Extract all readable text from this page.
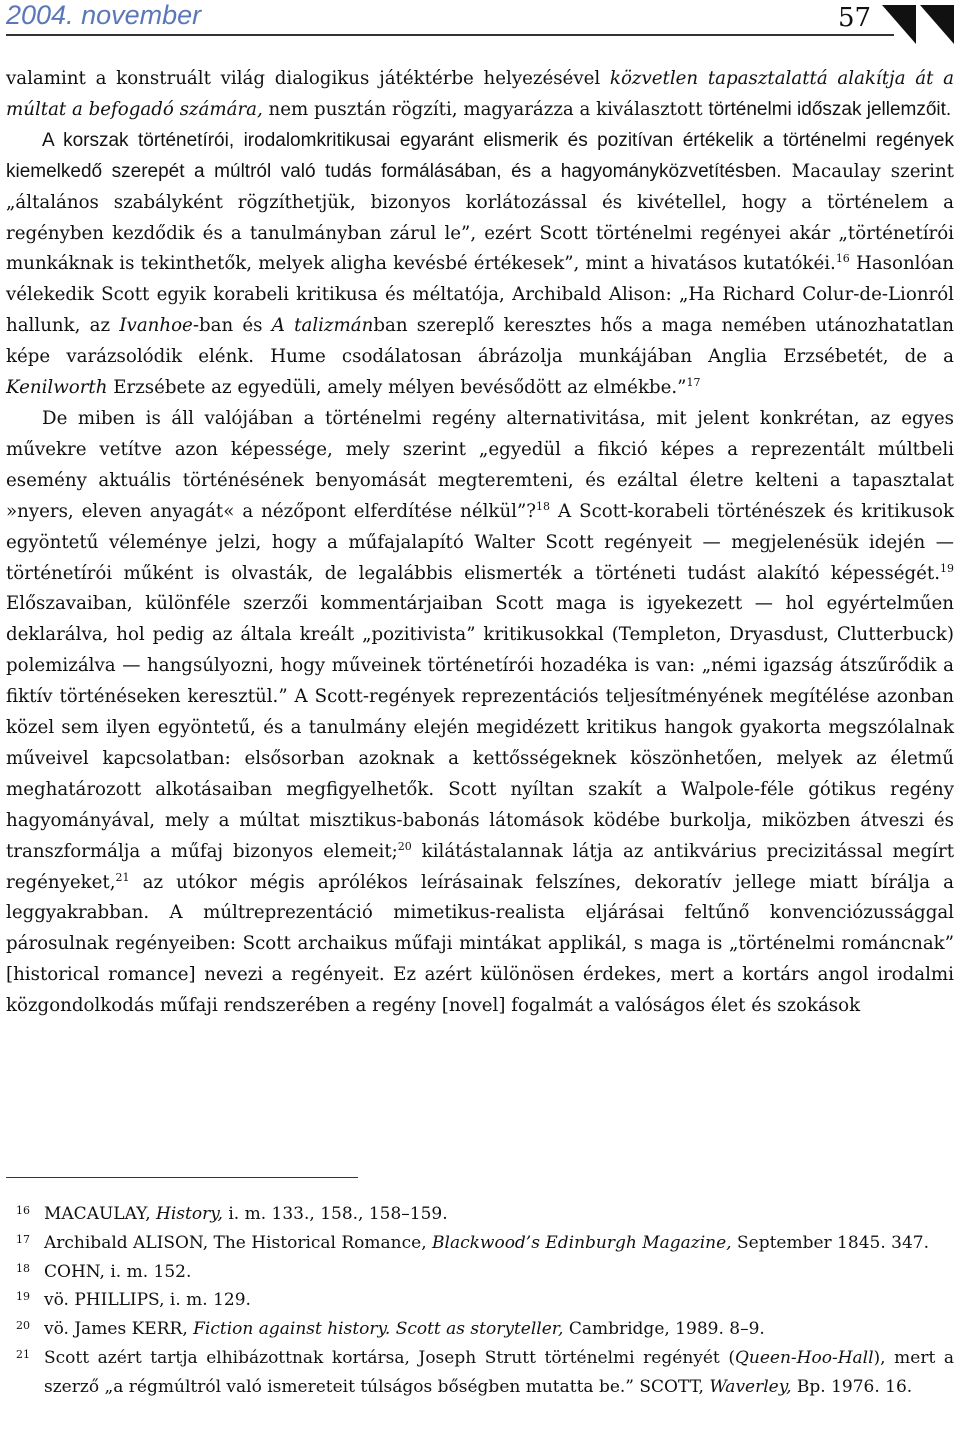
2004. november	57

valamint a konstruált világ dialogikus játéktérbe helyezésével közvetlen tapasztalattá alakítja át a múltat a befogadó számára, nem pusztán rögzíti, magyarázza a kiválasztott történelmi időszak jellemzőit.

A korszak történetírói, irodalomkritikusai egyaránt elismerik és pozitívan értékelik a történelmi regények kiemelkedő szerepét a múltról való tudás formálásában, és a hagyományközvetítésben. Macaulay szerint „általános szabályként rögzíthetjük, bizonyos korlátozással és kivétellel, hogy a történelem a regényben kezdődik és a tanulmányban zárul le”, ezért Scott történelmi regényei akár „történetírói munkáknak is tekinthetők, melyek aligha kevésbé értékesek”, mint a hivatásos kutatókéi.$^{16}$ Hasonlóan vélekedik Scott egyik korabeli kritikusa és méltatója, Archibald Alison: „Ha Richard Colur-de-Lionról hallunk, az Ivanhoe-ban és A talizmánban szereplő keresztes hős a maga nemében utánozhatatlan képe varázsolódik elénk. Hume csodálatosan ábrázolja munkájában Anglia Erzsébetét, de a Kenilworth Erzsébete az egyedüli, amely mélyen bevésődött az elmékbe.”$^{17}$

De miben is áll valójában a történelmi regény alternativitása, mit jelent konkrétan, az egyes művekre vetítve azon képessége, mely szerint „egyedül a fikció képes a reprezentált múltbeli esemény aktuális történésének benyomását megteremteni, és ezáltal életre kelteni a tapasztalat »nyers, eleven anyagát« a nézőpont elferdítése nélkül”?$^{18}$ A Scott-korabeli történészek és kritikusok egyöntetű véleménye jelzi, hogy a műfajalapító Walter Scott regényeit — megjelenésük idején — történetírói műként is olvasták, de legalábbis elismerték a történeti tudást alakító képességét.$^{19}$ Előszavaiban, különféle szerzői kommentárjaiban Scott maga is igyekezett — hol egyértelműen deklarálva, hol pedig az általa kreált „pozitivista” kritikusokkal (Templeton, Dryasdust, Clutterbuck) polemizálva — hangsúlyozni, hogy műveinek történetírói hozadéka is van: „némi igazság átszűrődik a fiktív történéseken keresztül.” A Scott-regények reprezentációs teljesítményének megítélése azonban közel sem ilyen egyöntetű, és a tanulmány elején megidézett kritikus hangok gyakorta megszólalnak műveivel kapcsolatban: elsősorban azoknak a kettősségeknek köszönhetően, melyek az életmű meghatározott alkotásaiban megfigyelhetők. Scott nyíltan szakít a Walpole-féle gótikus regény hagyományával, mely a múltat misztikus-babonás látomások ködébe burkolja, miközben átveszi és transzformálja a műfaj bizonyos elemeit;$^{20}$ kilátástalannak látja az antikvárius precizitással megírt regényeket,$^{21}$ az utókor mégis aprólékos leírásainak felszínes, dekoratív jellege miatt bírálja a leggyakrabban. A múltreprezentáció mimetikus-realista eljárásai feltűnő konvenciózussággal párosulnak regényeiben: Scott archaikus műfaji mintákat applikál, s maga is „történelmi románcnak” [historical romance] nevezi a regényeit. Ez azért különösen érdekes, mert a kortárs angol irodalmi közgondolkodás műfaji rendszerében a regény [novel] fogalmát a valóságos élet és szokások

16 MACAULAY, History, i. m. 133., 158., 158–159.
17 Archibald ALISON, The Historical Romance, Blackwood’s Edinburgh Magazine, September 1845. 347.
18 COHN, i. m. 152.
19 vö. PHILLIPS, i. m. 129.
20 vö. James KERR, Fiction against history. Scott as storyteller, Cambridge, 1989. 8–9.
21 Scott azért tartja elhibázottnak kortársa, Joseph Strutt történelmi regényét (Queen-Hoo-Hall), mert a szerző „a régmúltról való ismereteit túlságos bőségben mutatta be.” SCOTT, Waverley, Bp. 1976. 16.
